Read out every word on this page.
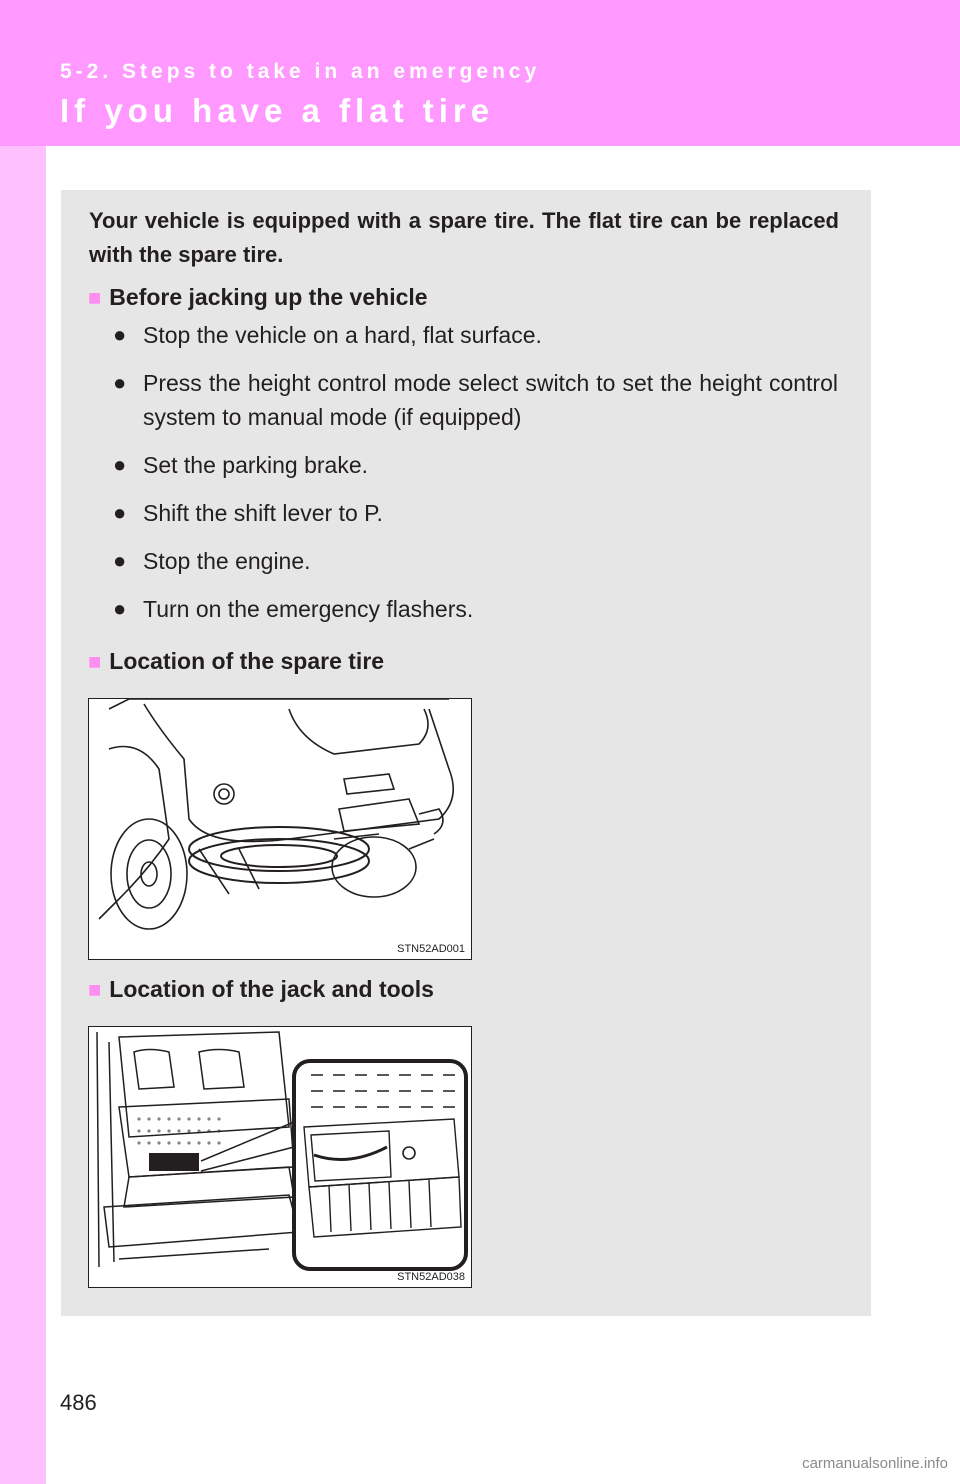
5-2. Steps to take in an emergency
If you have a flat tire
Your vehicle is equipped with a spare tire. The flat tire can be replaced with the spare tire.
■ Before jacking up the vehicle
● Stop the vehicle on a hard, flat surface.
● Press the height control mode select switch to set the height control system to manual mode (if equipped)
● Set the parking brake.
● Shift the shift lever to P.
● Stop the engine.
● Turn on the emergency flashers.
■ Location of the spare tire
STN52AD001
■ Location of the jack and tools
STN52AD038
486
carmanualsonline.info
